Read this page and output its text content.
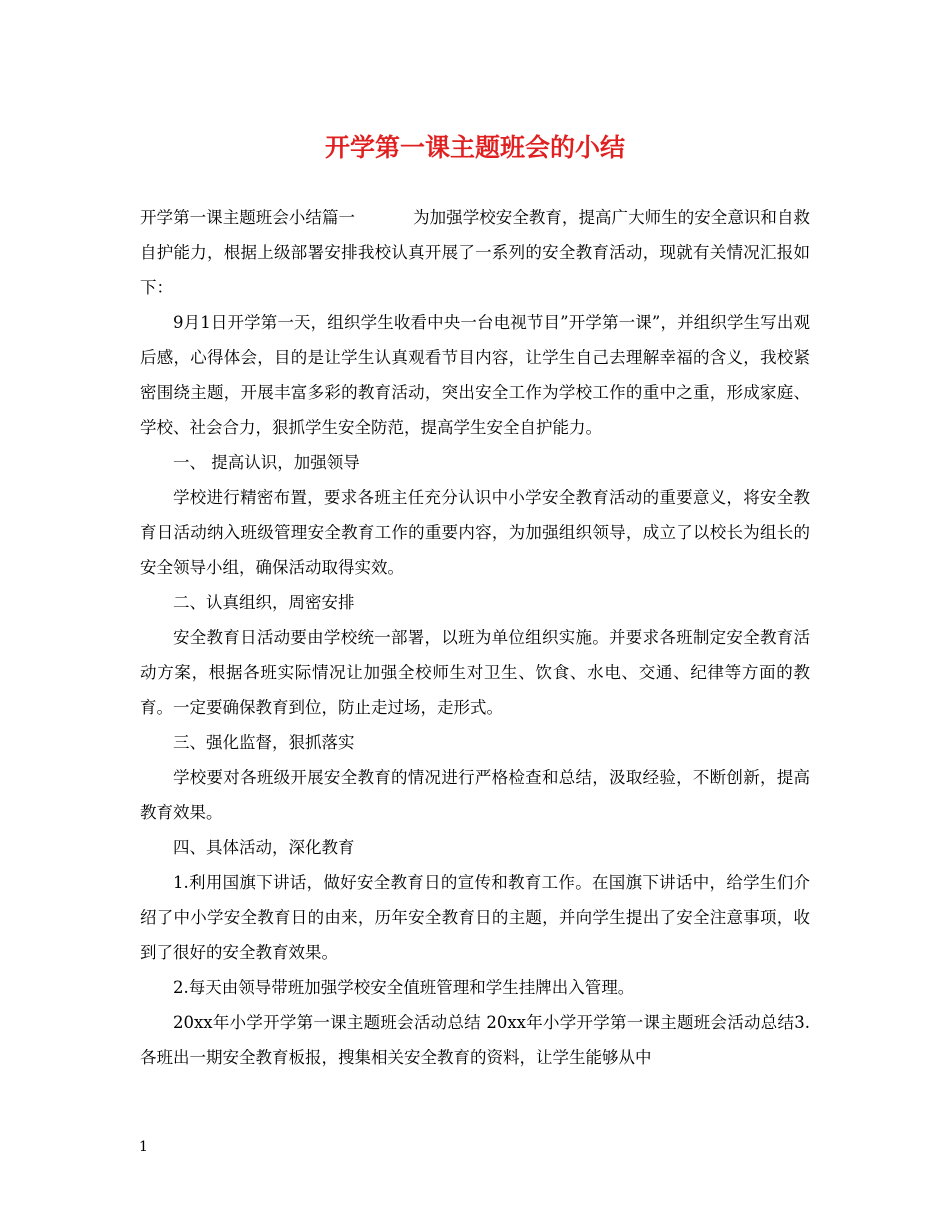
开学第一课主题班会的小结

开学第一课主题班会小结篇一	为加强学校安全教育，提高广大师生的安全意识和自救自护能力，根据上级部署安排我校认真开展了一系列的安全教育活动，现就有关情况汇报如下：

9月1日开学第一天，组织学生收看中央一台电视节目”开学第一课”，并组织学生写出观后感，心得体会，目的是让学生认真观看节目内容，让学生自己去理解幸福的含义，我校紧密围绕主题，开展丰富多彩的教育活动，突出安全工作为学校工作的重中之重，形成家庭、学校、社会合力，狠抓学生安全防范，提高学生安全自护能力。

一、 提高认识，加强领导

学校进行精密布置，要求各班主任充分认识中小学安全教育活动的重要意义，将安全教育日活动纳入班级管理安全教育工作的重要内容，为加强组织领导，成立了以校长为组长的安全领导小组，确保活动取得实效。

二、认真组织，周密安排

安全教育日活动要由学校统一部署，以班为单位组织实施。并要求各班制定安全教育活动方案，根据各班实际情况让加强全校师生对卫生、饮食、水电、交通、纪律等方面的教育。一定要确保教育到位，防止走过场，走形式。

三、强化监督，狠抓落实

学校要对各班级开展安全教育的情况进行严格检查和总结，汲取经验，不断创新，提高教育效果。

四、具体活动，深化教育

1.利用国旗下讲话，做好安全教育日的宣传和教育工作。在国旗下讲话中，给学生们介绍了中小学安全教育日的由来，历年安全教育日的主题，并向学生提出了安全注意事项，收到了很好的安全教育效果。

2.每天由领导带班加强学校安全值班管理和学生挂牌出入管理。

20xx年小学开学第一课主题班会活动总结 20xx年小学开学第一课主题班会活动总结3.各班出一期安全教育板报，搜集相关安全教育的资料，让学生能够从中

1
